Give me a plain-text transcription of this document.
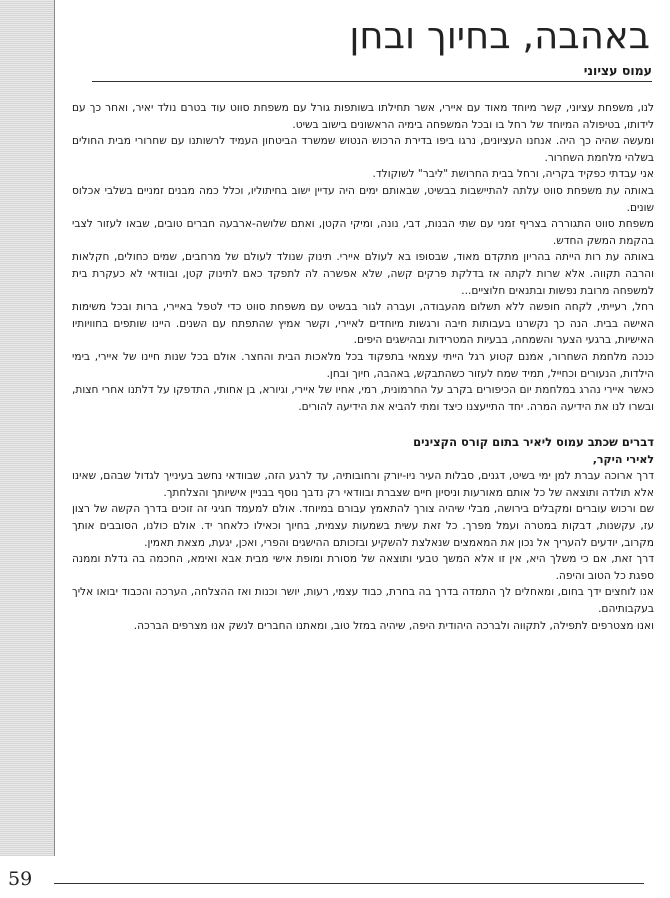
באהבה, בחיוך ובחן
עמוס עציוני

לנו, משפחת עציוני, קשר מיוחד מאוד עם איירי, אשר תחילתו בשותפות גורל עם משפחת סווט עוד בטרם נולד יאיר, ואחר כך עם לידותו, בטיפולה המיוחד של רחל בו ובכל המשפחה בימיה הראשונים בישוב בשיט.

ומעשה שהיה כך היה. אנחנו העציונים, נרגו ביפו בדירת הרכוש הנטוש שמשרד הביטחון העמיד לרשותנו עם שחרורי מבית החולים בשלהי מלחמת השחרור.

אני עבדתי כפקיד בקריה, ורחל בבית החרושת "ליבר" לשוקולד.

באותה עת משפחת סווט עלתה להתיישבות בבשיט, שבאותם ימים היה עדיין ישוב בחיתוליו, וכלל כמה מבנים זמניים בשלבי אכלוס שונים.

משפחת סווט התגוררה בצריף זמני עם שתי הבנות, דבי, נונה, ומיקי הקטן, ואתם שלושה-ארבעה חברים טובים, שבאו לעזור לצבי בהקמת המשק החדש.

באותה עת רות הייתה בהריון מתקדם מאוד, שבסופו בא לעולם איירי. תינוק שנולד לעולם של מרחבים, שמים כחולים, חקלאות והרבה תקווה. אלא שרות לקתה אז בדלקת פרקים קשה, שלא אפשרה לה לתפקד כאם לתינוק קטן, ובוודאי לא כעקרת בית למשפחה מרובת נפשות ובתנאים חלוציים...

רחל, רעייתי, לקחה חופשה ללא תשלום מהעבודה, ועברה לגור בבשיט עם משפחת סווט כדי לטפל באיירי, ברות ובכל משימות האישה בבית. הנה כך נקשרנו בעבותות חיבה ורגשות מיוחדים לאיירי, וקשר אמיץ שהתפתח עם השנים. היינו שותפים בחוויותיו האישיות, ברגעי הצער והשמחה, בבעיות המטרידות ובהישגים היפים.

כנכה מלחמת השחרור, אמנם קטוע רגל הייתי עצמאי בתפקוד בכל מלאכות הבית והחצר. אולם בכל שנות חיינו של איירי, בימי הילדות, הנעורים וכחייל, תמיד שמח לעזור כשהתבקש, באהבה, חיוך ובחן.

כאשר איירי נהרג במלחמת יום הכיפורים בקרב על החרמונית, רמי, אחיו של איירי, וגיורא, בן אחותי, התדפקו על דלתנו אחרי חצות, ובשרו לנו את הידיעה המרה. יחד התייעצנו כיצד ומתי להביא את הידיעה להורים.

דברים שכתב עמוס ליאיר בתום קורס הקצינים

לאירי היקר,

דרך ארוכה עברת למן ימי בשיט, דגנים, סבלות העיר ניו-יורק ורחובותיה, עד לרגע הזה, שבוודאי נחשב בעינייך לגדול שבהם, שאינו אלא תולדה ותוצאה של כל אותם מאורעות וניסיון חיים שצברת ובוודאי רק נדבך נוסף בבניין אישיותך והצלחתך.

שם ורכוש עוברים ומקבלים בירושה, מבלי שיהיה צורך להתאמץ עבורם במיוחד. אולם למעמד חגיגי זה זוכים בדרך הקשה של רצון עז, עקשנות, דבקות במטרה ועמל מפרך. כל זאת עשית בשמעות עצמית, בחיוך וכאילו כלאחר יד. אולם כולנו, הסובבים אותך מקרוב, יודעים להעריך אל נכון את המאמצים שנאלצת להשקיע ובזכותם ההישגים והפרי, ואכן, יגעת, מצאת תאמין.

דרך זאת, אם כי משלך היא, אין זו אלא המשך טבעי ותוצאה של מסורת ומופת אישי מבית אבא ואימא, החכמה בה גדלת וממנה ספגת כל הטוב והיפה.

אנו לוחצים ידך בחום, ומאחלים לך התמדה בדרך בה בחרת, כבוד עצמי, רעות, יושר וכנות ואז ההצלחה, הערכה והכבוד יבואו אליך בעקבותיהם.

ואנו מצטרפים לתפילה, לתקווה ולברכה היהודית היפה, שיהיה במזל טוב, ומאתנו החברים לנשק אנו מצרפים הברכה.

59
